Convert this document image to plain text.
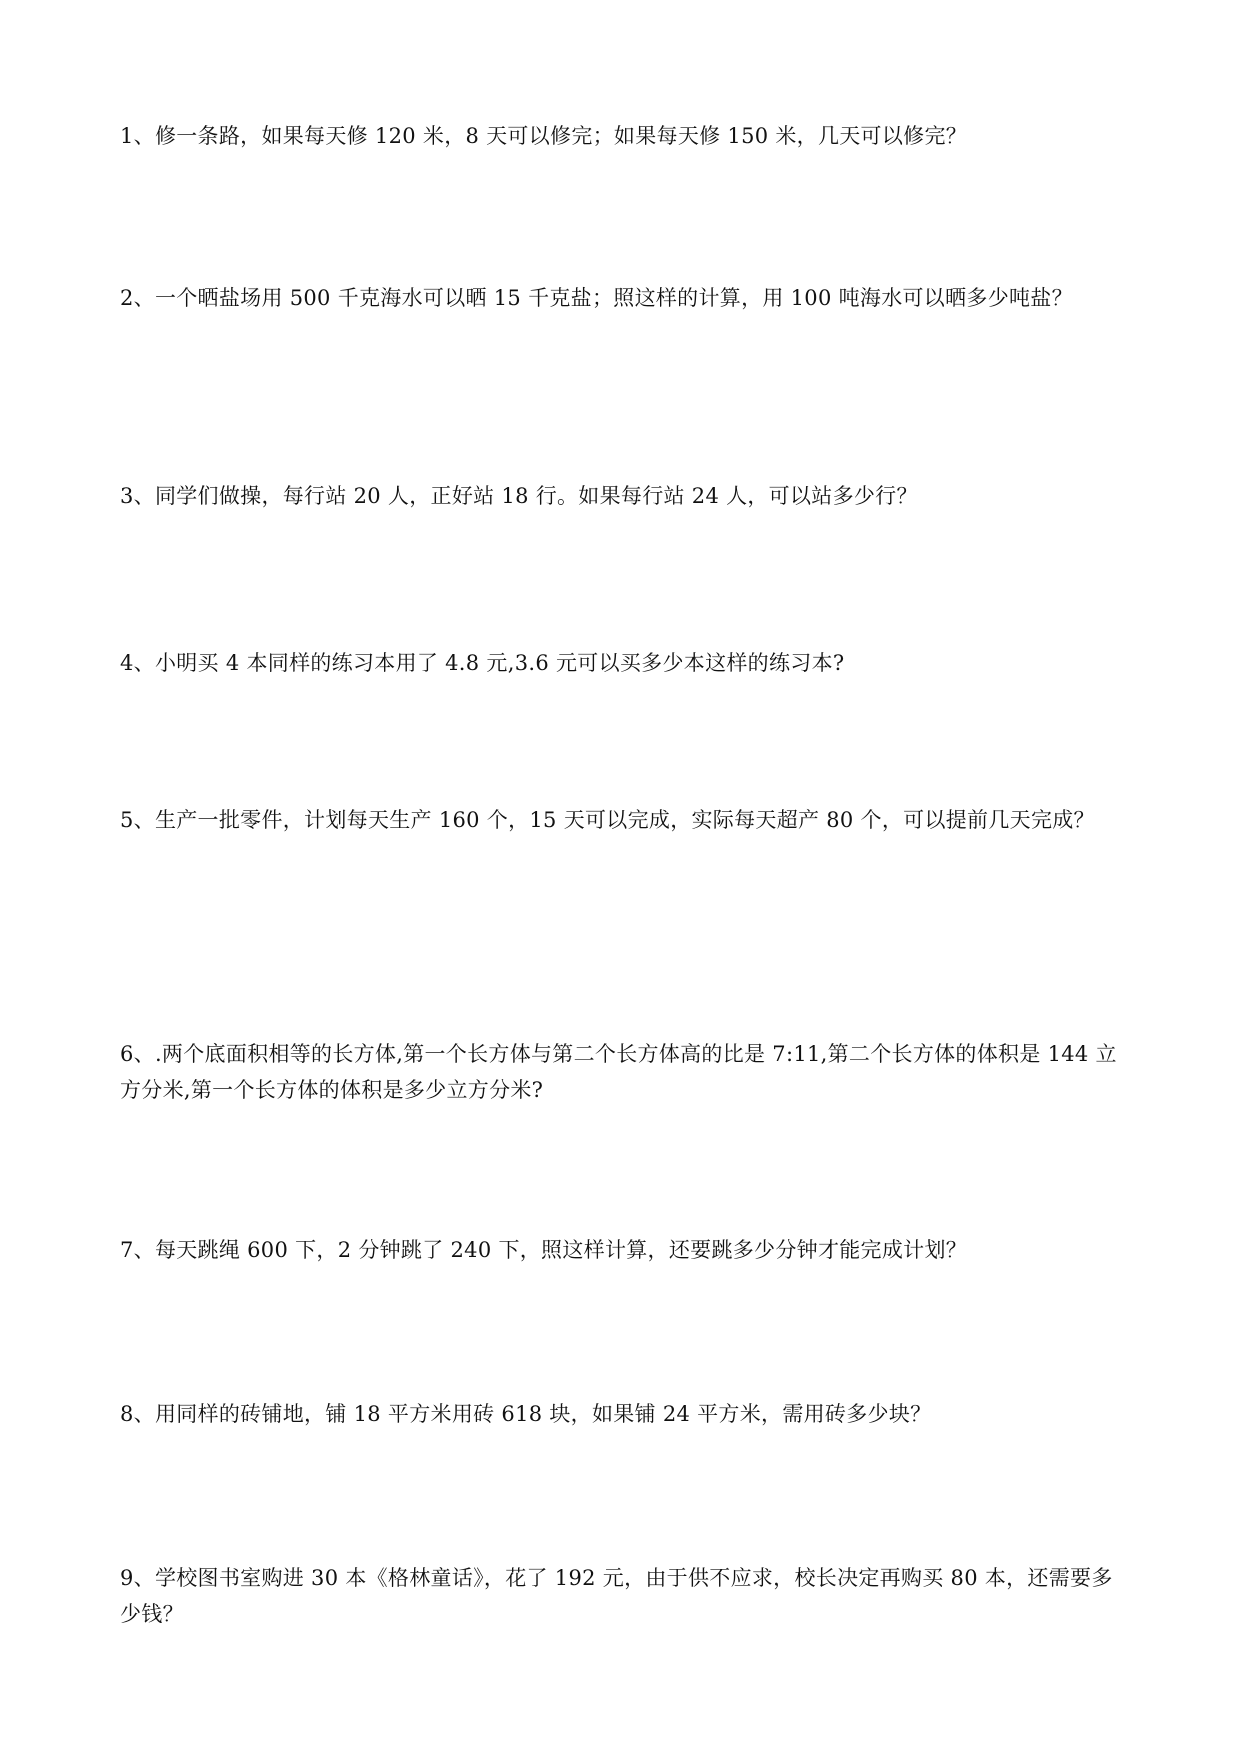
1、修一条路，如果每天修 120 米，8 天可以修完；如果每天修 150 米，几天可以修完？
2、一个晒盐场用 500 千克海水可以晒 15 千克盐；照这样的计算，用 100 吨海水可以晒多少吨盐？
3、同学们做操，每行站 20 人，正好站 18 行。如果每行站 24 人，可以站多少行？
4、小明买 4 本同样的练习本用了 4.8 元,3.6 元可以买多少本这样的练习本?
5、生产一批零件，计划每天生产 160 个，15 天可以完成，实际每天超产 80 个，可以提前几天完成？
6、.两个底面积相等的长方体,第一个长方体与第二个长方体高的比是 7:11,第二个长方体的体积是 144 立方分米,第一个长方体的体积是多少立方分米?
7、每天跳绳 600 下，2 分钟跳了 240 下，照这样计算，还要跳多少分钟才能完成计划？
8、用同样的砖铺地，铺 18 平方米用砖 618 块，如果铺 24 平方米，需用砖多少块？
9、学校图书室购进 30 本《格林童话》，花了 192 元，由于供不应求，校长决定再购买 80 本，还需要多少钱？
